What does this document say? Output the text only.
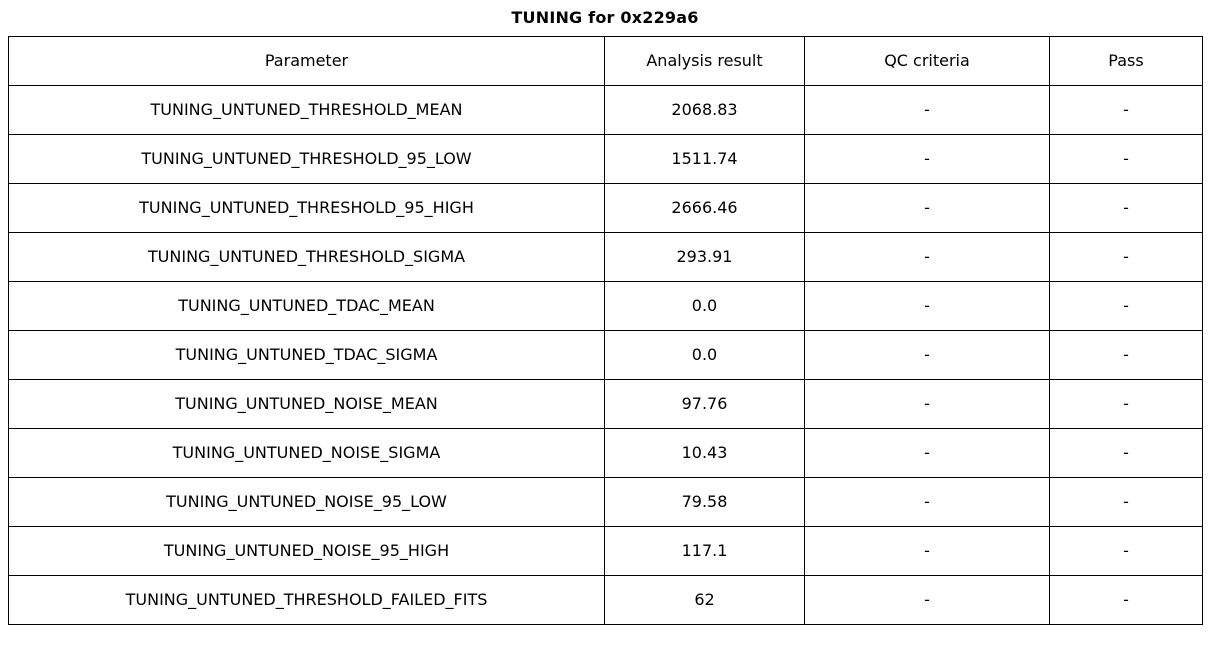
TUNING for 0x229a6
Parameter	Analysis result	QC criteria	Pass
TUNING_UNTUNED_THRESHOLD_MEAN	2068.83	-	-
TUNING_UNTUNED_THRESHOLD_95_LOW	1511.74	-	-
TUNING_UNTUNED_THRESHOLD_95_HIGH	2666.46	-	-
TUNING_UNTUNED_THRESHOLD_SIGMA	293.91	-	-
TUNING_UNTUNED_TDAC_MEAN	0.0	-	-
TUNING_UNTUNED_TDAC_SIGMA	0.0	-	-
TUNING_UNTUNED_NOISE_MEAN	97.76	-	-
TUNING_UNTUNED_NOISE_SIGMA	10.43	-	-
TUNING_UNTUNED_NOISE_95_LOW	79.58	-	-
TUNING_UNTUNED_NOISE_95_HIGH	117.1	-	-
TUNING_UNTUNED_THRESHOLD_FAILED_FITS	62	-	-
